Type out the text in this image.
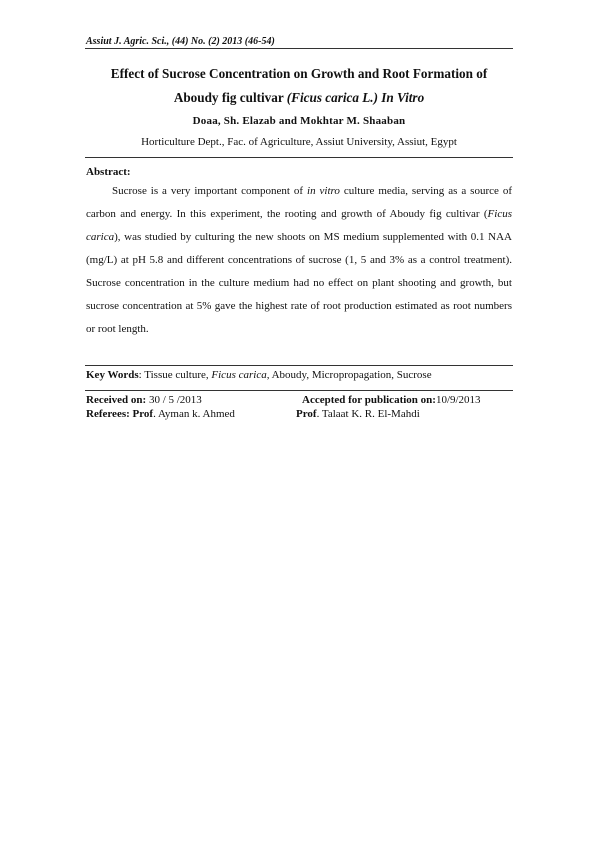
Assiut J. Agric. Sci., (44) No. (2) 2013 (46-54)
Effect of Sucrose Concentration on Growth and Root Formation of
Aboudy fig cultivar (Ficus carica L.) In Vitro
Doaa, Sh. Elazab and Mokhtar M. Shaaban
Horticulture Dept., Fac. of Agriculture, Assiut University, Assiut, Egypt
Abstract:

Sucrose is a very important component of in vitro culture media, serving as a source of carbon and energy. In this experiment, the rooting and growth of Aboudy fig cultivar (Ficus carica), was studied by culturing the new shoots on MS medium supplemented with 0.1 NAA (mg/L) at pH 5.8 and different concentrations of sucrose (1, 5 and 3% as a control treatment). Sucrose concentration in the culture medium had no effect on plant shooting and growth, but sucrose concentration at 5% gave the highest rate of root production estimated as root numbers or root length.

Key Words: Tissue culture, Ficus carica, Aboudy, Micropropagation, Sucrose
Received on: 30 / 5 /2013	Accepted for publication on:10/9/2013
Referees: Prof. Ayman k. Ahmed	Prof. Talaat K. R. El-Mahdi
